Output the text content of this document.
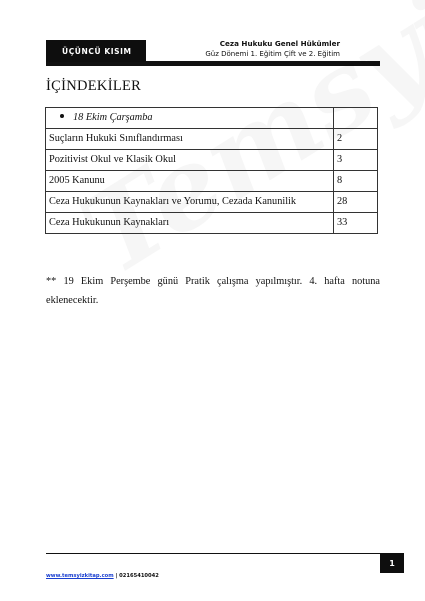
ÜÇÜNCÜ KISIM
Ceza Hukuku Genel Hükümler
Güz Dönemi 1. Eğitim Çift ve 2. Eğitim
İÇİNDEKİLER
18 Ekim Çarşamba	
Suçların Hukuki Sınıflandırması	2
Pozitivist Okul ve Klasik Okul	3
2005 Kanunu	8
Ceza Hukukunun Kaynakları ve Yorumu, Cezada Kanunilik	28
Ceza Hukukunun Kaynakları	33
** 19 Ekim Perşembe günü Pratik çalışma yapılmıştır. 4. hafta notuna eklenecektir.
1
www.temsyizkitap.com | 02165410042
